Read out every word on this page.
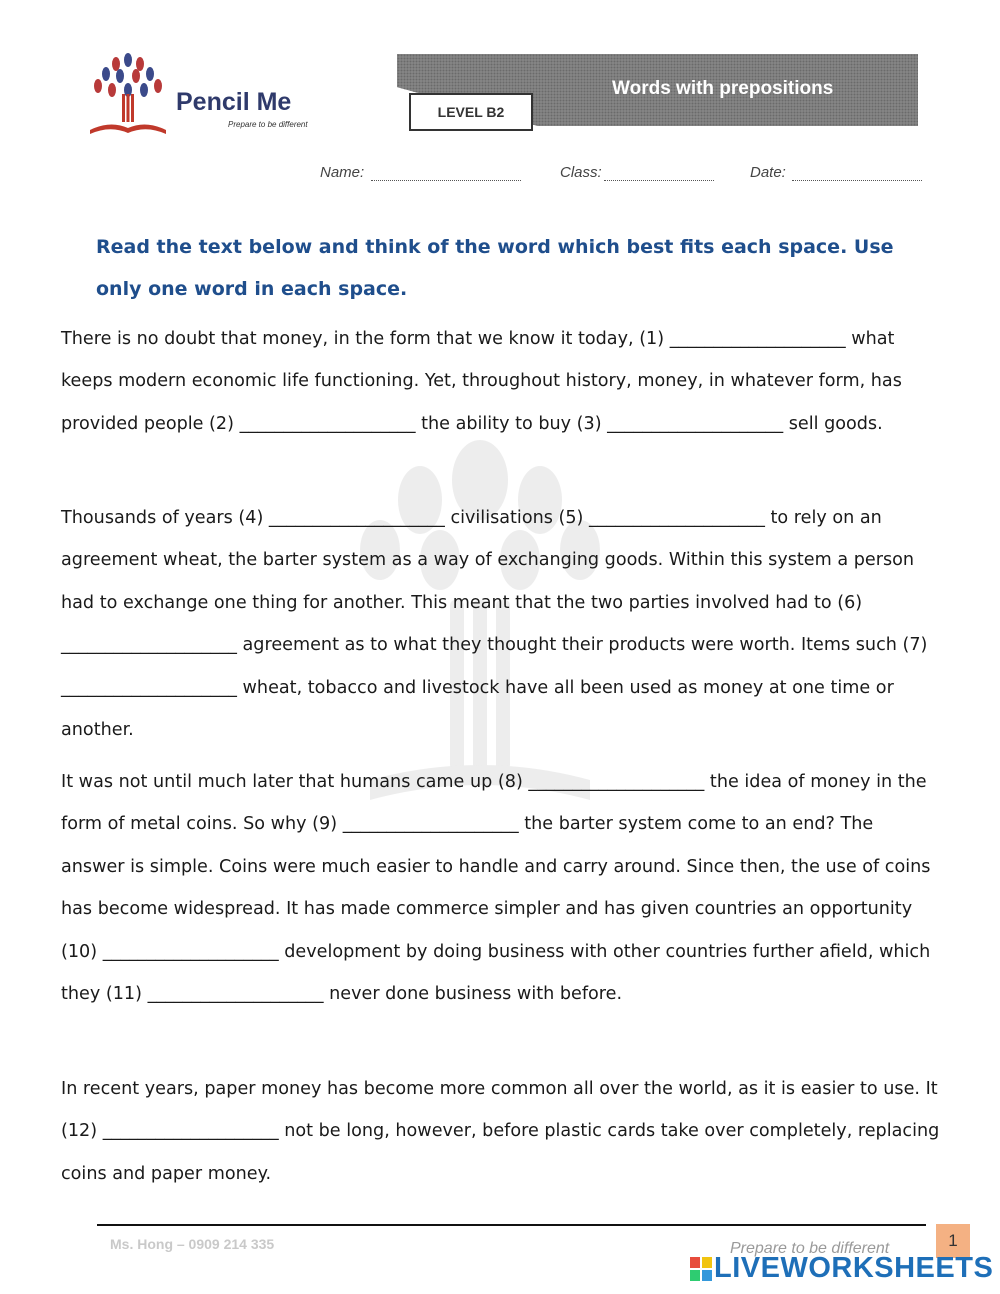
Pencil Me
Prepare to be different
Words with prepositions
LEVEL B2
Name:	Class:	Date:

Read the text below and think of the word which best fits each space. Use only one word in each space.

There is no doubt that money, in the form that we know it today, (1) ____________________ what keeps modern economic life functioning. Yet, throughout history, money, in whatever form, has provided people (2) ____________________ the ability to buy (3) ____________________ sell goods.

Thousands of years (4) ____________________ civilisations (5) ____________________ to rely on an agreement wheat, the barter system as a way of exchanging goods. Within this system a person had to exchange one thing for another. This meant that the two parties involved had to (6) ____________________ agreement as to what they thought their products were worth. Items such (7) ____________________ wheat, tobacco and livestock have all been used as money at one time or another.

It was not until much later that humans came up (8) ____________________ the idea of money in the form of metal coins. So why (9) ____________________ the barter system come to an end? The answer is simple. Coins were much easier to handle and carry around. Since then, the use of coins has become widespread. It has made commerce simpler and has given countries an opportunity (10) ____________________ development by doing business with other countries further afield, which they (11) ____________________ never done business with before.

In recent years, paper money has become more common all over the world, as it is easier to use. It (12) ____________________ not be long, however, before plastic cards take over completely, replacing coins and paper money.

Ms. Hong – 0909 214 335	Prepare to be different	1
LIVEWORKSHEETS
